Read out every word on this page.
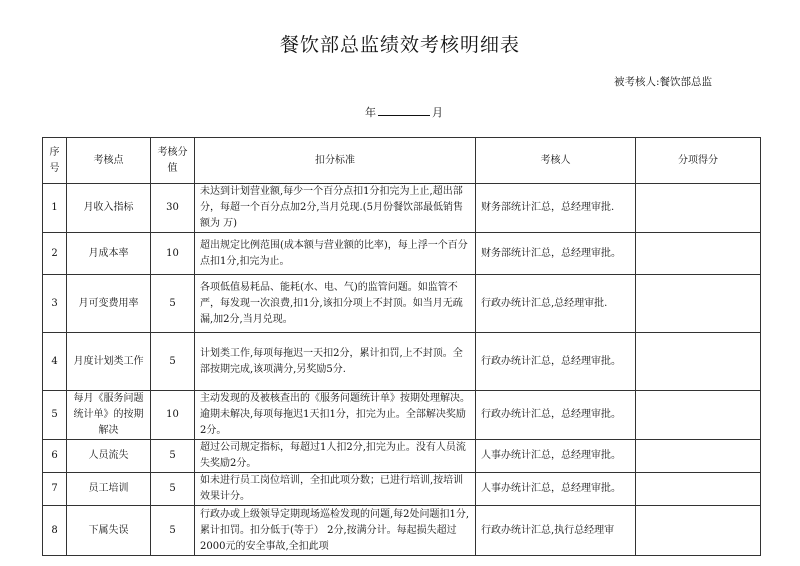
餐饮部总监绩效考核明细表
被考核人:餐饮部总监
年	月
序号	考核点	考核分值	扣分标准	考核人	分项得分
1	月收入指标	30	未达到计划营业额,每少一个百分点扣1分扣完为上止,超出部分，每超一个百分点加2分,当月兑现.(5月份餐饮部最低销售额为 万)	财务部统计汇总，总经理审批.	
2	月成本率	10	超出规定比例范围(成本额与营业额的比率)，每上浮一个百分点扣1分,扣完为止。	财务部统计汇总，总经理审批。	
3	月可变费用率	5	各项低值易耗品、能耗(水、电、气)的监管问题。如监管不严，每发现一次浪费,扣1分,该扣分项上不封顶。如当月无疏漏,加2分,当月兑现。	行政办统计汇总,总经理审批.	
4	月度计划类工作	5	计划类工作,每项每拖迟一天扣2分，累计扣罚,上不封顶。全部按期完成,该项满分,另奖励5分.	行政办统计汇总，总经理审批。	
5	每月《服务问题统计单》的按期解决	10	主动发现的及被核查出的《服务问题统计单》按期处理解决。逾期未解决,每项每拖迟1天扣1分，扣完为止。全部解决奖励2分。	行政办统计汇总，总经理审批。	
6	人员流失	5	超过公司规定指标，每超过1人扣2分,扣完为止。没有人员流失奖励2分。	人事办统计汇总，总经理审批。	
7	员工培训	5	如未进行员工岗位培训，全扣此项分数；已进行培训,按培训效果计分。	人事办统计汇总，总经理审批。	
8	下属失误	5	行政办或上级领导定期现场巡检发现的问题,每2处问题扣1分,累计扣罚。扣分低于(等于） 2分,按满分计。每起损失超过2000元的安全事故,全扣此项	行政办统计汇总,执行总经理审	
